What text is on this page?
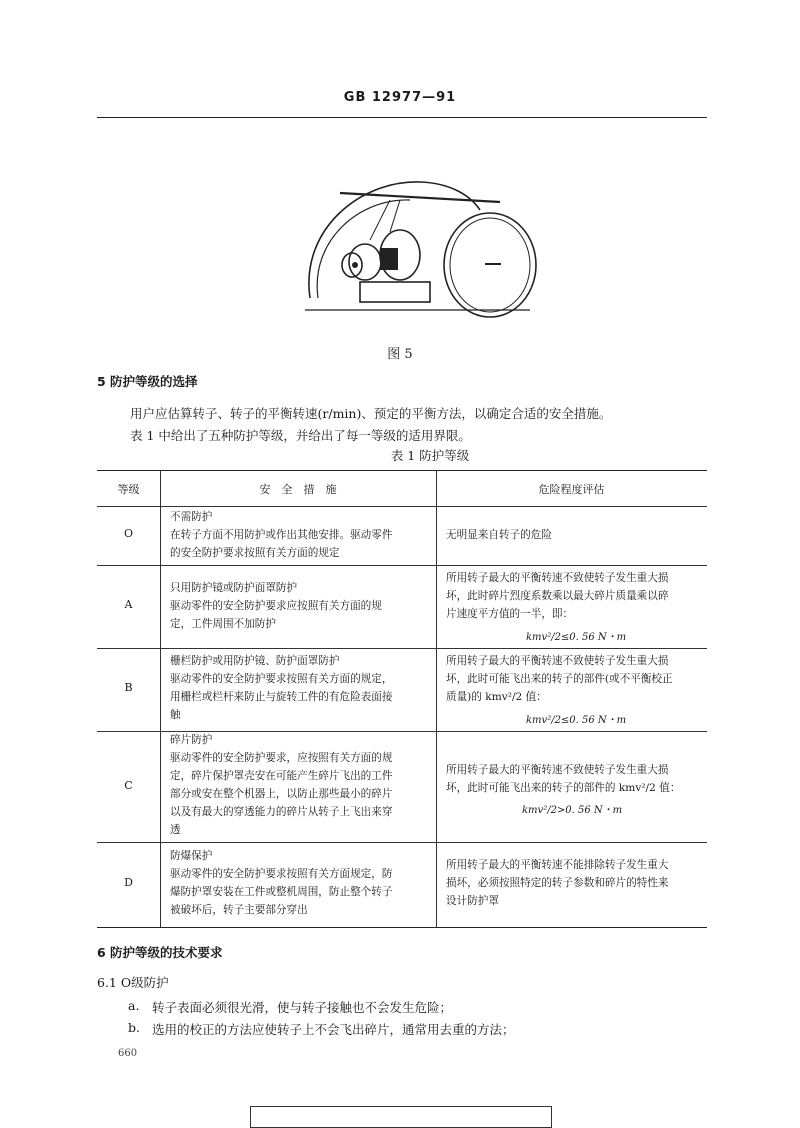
GB 12977—91
图 5
5 防护等级的选择
用户应估算转子、转子的平衡转速(r/min)、预定的平衡方法，以确定合适的安全措施。
表 1 中给出了五种防护等级，并给出了每一等级的适用界限。
表 1 防护等级
等级	安　全　措　施	危险程度评估
O
不需防护
在转子方面不用防护或作出其他安排。驱动零件
的安全防护要求按照有关方面的规定
无明显来自转子的危险
A
只用防护镜或防护面罩防护
驱动零件的安全防护要求应按照有关方面的规
定，工件周围不加防护
所用转子最大的平衡转速不致使转子发生重大损
坏，此时碎片烈度系数乘以最大碎片质量乘以碎
片速度平方值的一半，即：
kmv²/2≤0. 56 N・m
B
栅栏防护或用防护镜、防护面罩防护
驱动零件的安全防护要求按照有关方面的规定，
用栅栏或栏杆来防止与旋转工件的有危险表面接
触
所用转子最大的平衡转速不致使转子发生重大损
坏，此时可能飞出来的转子的部件(或不平衡校正
质量)的 kmv²/2 值：
kmv²/2≤0. 56 N・m
C
碎片防护
驱动零件的安全防护要求，应按照有关方面的规
定，碎片保护罩壳安在可能产生碎片飞出的工件
部分或安在整个机器上，以防止那些最小的碎片
以及有最大的穿透能力的碎片从转子上飞出来穿
透
所用转子最大的平衡转速不致使转子发生重大损
坏，此时可能飞出来的转子的部件的 kmv²/2 值：
kmv²/2>0. 56 N・m
D
防爆保护
驱动零件的安全防护要求按照有关方面规定，防
爆防护罩安装在工件或整机周围，防止整个转子
被破坏后，转子主要部分穿出
所用转子最大的平衡转速不能排除转子发生重大
损坏，必须按照特定的转子参数和碎片的特性来
设计防护罩
6 防护等级的技术要求
6.1 O级防护
a. 转子表面必须很光滑，使与转子接触也不会发生危险；
b. 选用的校正的方法应使转子上不会飞出碎片，通常用去重的方法；
660
